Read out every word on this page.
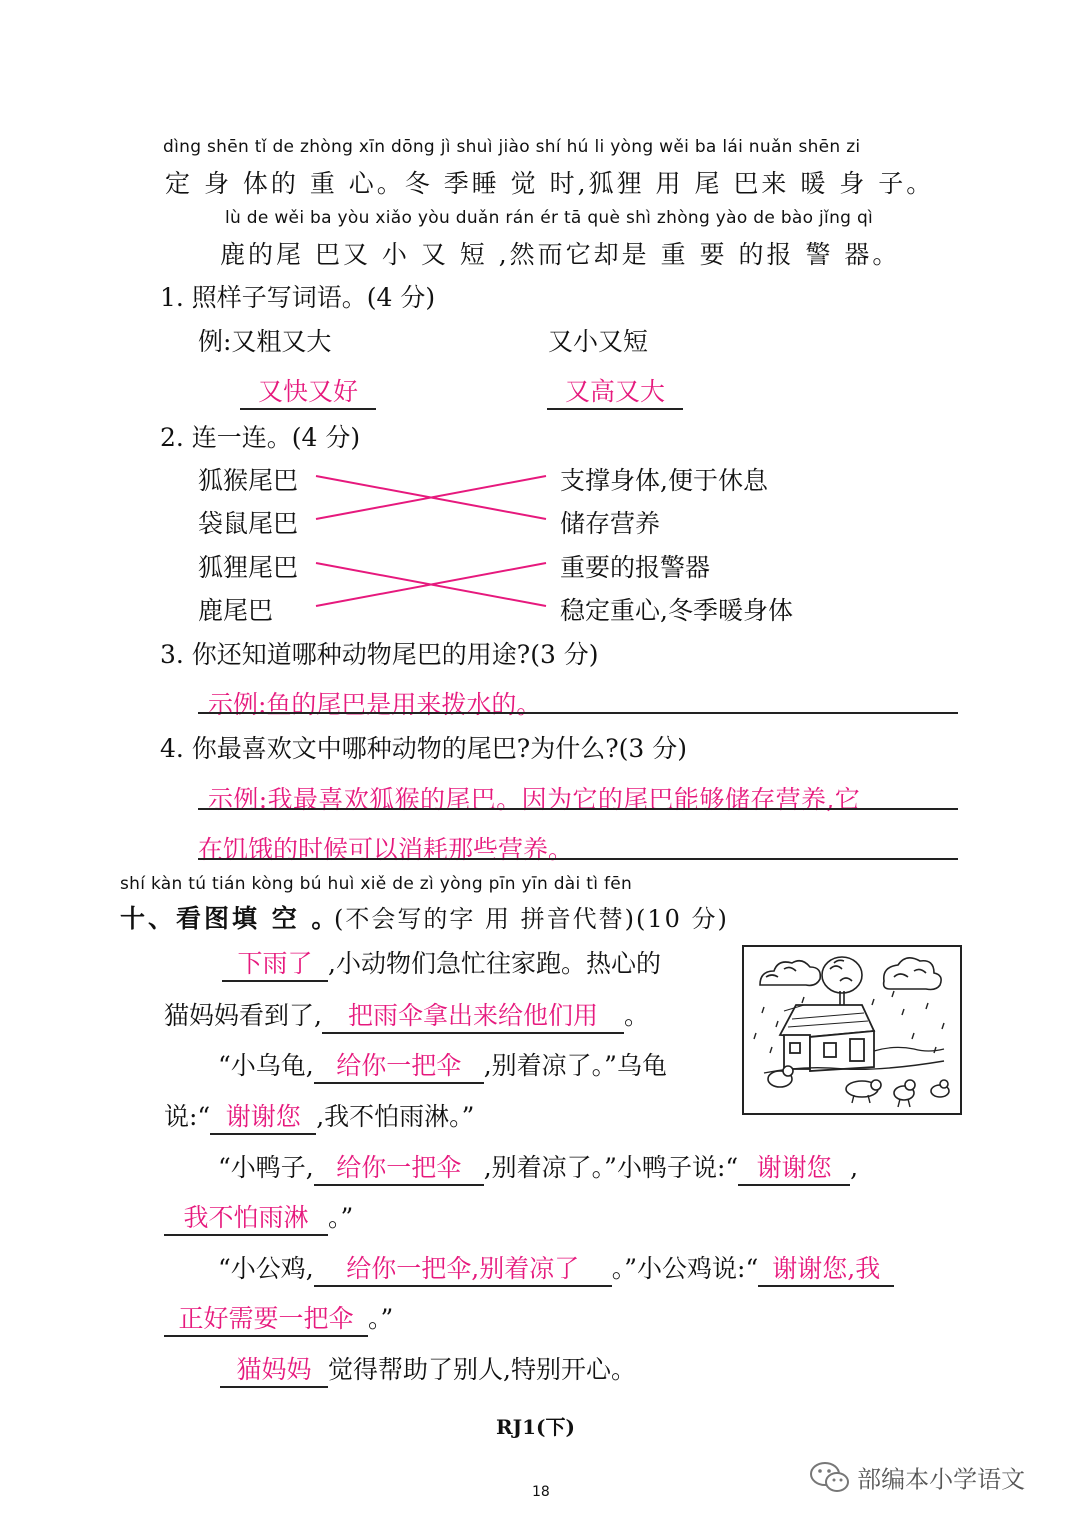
dìng shēn tǐ de zhòng xīn dōng jì shuì jiào shí hú li yòng wěi ba lái nuǎn shēn zi
定 身 体的 重 心。冬 季睡 觉 时,狐狸 用 尾 巴来 暖 身 子。
lù de wěi ba yòu xiǎo yòu duǎn rán ér tā què shì zhòng yào de bào jǐng qì
鹿的尾 巴又 小 又 短 ,然而它却是 重 要 的报 警 器。
1. 照样子写词语。(4 分)
例:又粗又大	又小又短
又快又好	又高又大
2. 连一连。(4 分)
狐猴尾巴
袋鼠尾巴
狐狸尾巴
鹿尾巴
支撑身体,便于休息
储存营养
重要的报警器
稳定重心,冬季暖身体
3. 你还知道哪种动物尾巴的用途?(3 分)
示例:鱼的尾巴是用来拨水的。
4. 你最喜欢文中哪种动物的尾巴?为什么?(3 分)
示例:我最喜欢狐猴的尾巴。因为它的尾巴能够储存营养,它
在饥饿的时候可以消耗那些营养。
shí kàn tú tián kòng bú huì xiě de zì yòng pīn yīn dài tì fēn
十、看图填 空 。
(不会写的字 用 拼音代替)(10 分)
下雨了 ,小动物们急忙往家跑。热心的
猫妈妈看到了, 把雨伞拿出来给他们用 。
“小乌龟, 给你一把伞 ,别着凉了。”乌龟
说:“ 谢谢您 ,我不怕雨淋。”
“小鸭子, 给你一把伞 ,别着凉了。”小鸭子说:“ 谢谢您 ,
我不怕雨淋 。”
“小公鸡, 给你一把伞,别着凉了 。”小公鸡说:“ 谢谢您,我
正好需要一把伞 。”
猫妈妈 觉得帮助了别人,特别开心。
RJ1(下)
18	部编本小学语文
